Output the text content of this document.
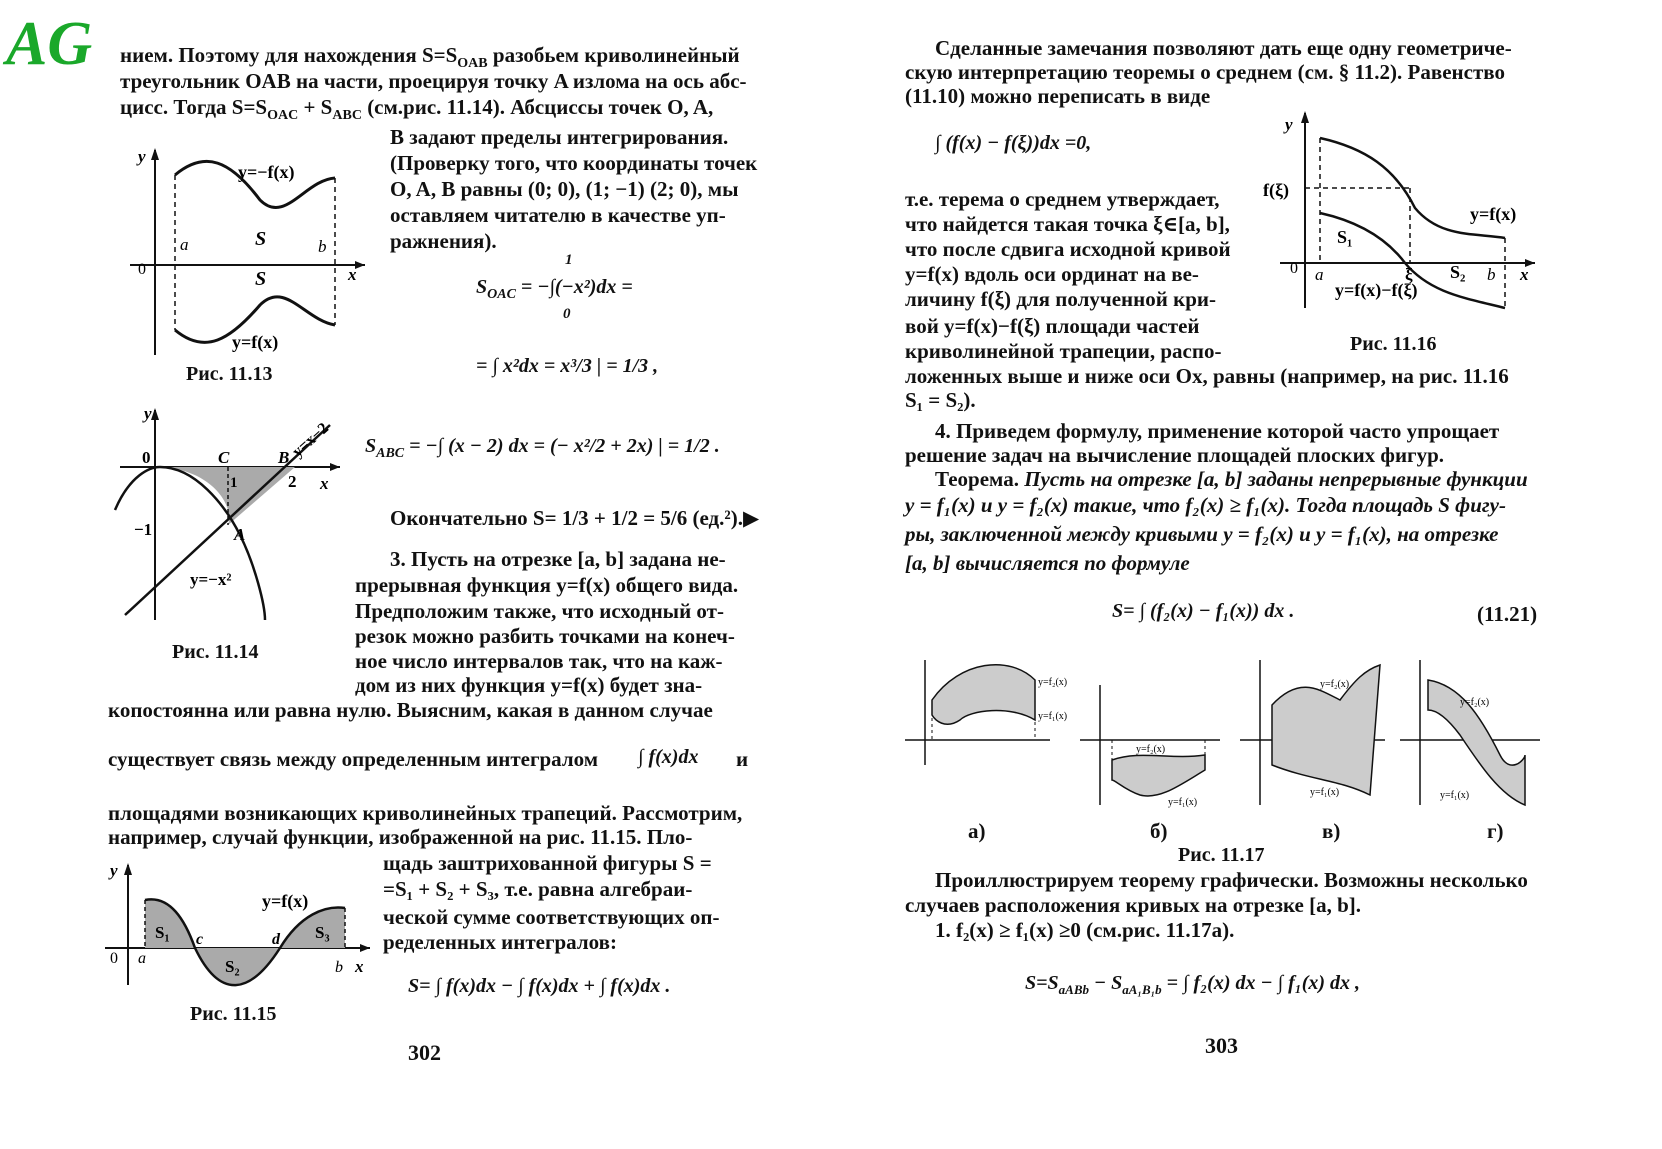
AG нием. Поэтому для нахождения $S=S_{OAB}$ разобьем криволинейный
треугольник OAB на части, проецируя точку A излома на ось абс-
цисс. Тогда $S=S_{OAC} + S_{ABC}$ (см.рис. 11.14). Абсциссы точек O, A,
B задают пределы интегрирования.
(Проверку того, что координаты точек
O, A, B равны (0; 0), (1; −1) (2; 0), мы
оставляем читателю в качестве уп-
ражнения).
y=−f(x)
y=f(x)
S
S
a	b
x
y
0
Рис. 11.13
$S_{OAC} = -\int(-x^2)dx$ =
1
0
= ∫ x²dx = x³/3 | = 1/3 ,
0	C	B
A
2
1
−1
x
y
y=x−2
y=−x²
Рис. 11.14
$S_{ABC}$ = −∫ (x − 2) dx = (− x²/2 + 2x) | = 1/2 .
Окончательно S= 1/3 + 1/2 = 5/6 (ед.²).▶
3. Пусть на отрезке [a, b] задана не-
прерывная функция y=f(x) общего вида.
Предположим также, что исходный от-
резок можно разбить точками на конеч-
ное число интервалов так, что на каж-
дом из них функция y=f(x) будет зна-
копостоянна или равна нулю. Выясним, какая в данном случае
существует связь между определенным интегралом ∫ f(x)dx и
площадями возникающих криволинейных трапеций. Рассмотрим,
например, случай функции, изображенной на рис. 11.15. Пло-
щадь заштрихованной фигуры S =
=S₁ + S₂ + S₃, т.е. равна алгебраи-
ческой сумме соответствующих оп-
ределенных интегралов:
S₁
S₂
S₃
y=f(x)
a
c	d
b x
y
0
Рис. 11.15
S= ∫ f(x)dx − ∫ f(x)dx + ∫ f(x)dx .
302
Сделанные замечания позволяют дать еще одну геометриче-
скую интерпретацию теоремы о среднем (см. § 11.2). Равенство
(11.10) можно переписать в виде
∫ (f(x) − f(ξ))dx =0,
т.е. терема о среднем утверждает,
что найдется такая точка ξ∈[a, b],
что после сдвига исходной кривой
y=f(x) вдоль оси ординат на ве-
личину f(ξ) для полученной кри-
вой y=f(x)−f(ξ) площади частей
криволинейной трапеции, распо-
ложенных выше и ниже оси Ox, равны (например, на рис. 11.16
S₁ = S₂).
f(ξ)
y=f(x)
y=f(x)−f(ξ)
S₁
S₂
ξ
a	b x
y
0
Рис. 11.16
4. Приведем формулу, применение которой часто упрощает
решение задач на вычисление площадей плоских фигур.
Теорема. Пусть на отрезке [a, b] заданы непрерывные функции
y = f₁(x) и y = f₂(x) такие, что f₂(x) ≥ f₁(x). Тогда площадь S фигу-
ры, заключенной между кривыми y = f₂(x) и y = f₁(x), на отрезке
[a, b] вычисляется по формуле
S= ∫ (f₂(x) − f₁(x)) dx .	(11.21)
y=f₂(x)
y=f₁(x)
y=f₂(x)
y=f₁(x)
y=f₂(x)
y=f₁(x)
y=f₂(x)
y=f₁(x)
а)	б)	в)	г)
Рис. 11.17
Проиллюстрируем теорему графически. Возможны несколько
случаев расположения кривых на отрезке [a, b].
1. f₂(x) ≥ f₁(x) ≥0 (см.рис. 11.17а).
$S=S_{aABb} - S_{aA_1B_1b}$ = ∫ f₂(x) dx − ∫ f₁(x) dx ,
303
